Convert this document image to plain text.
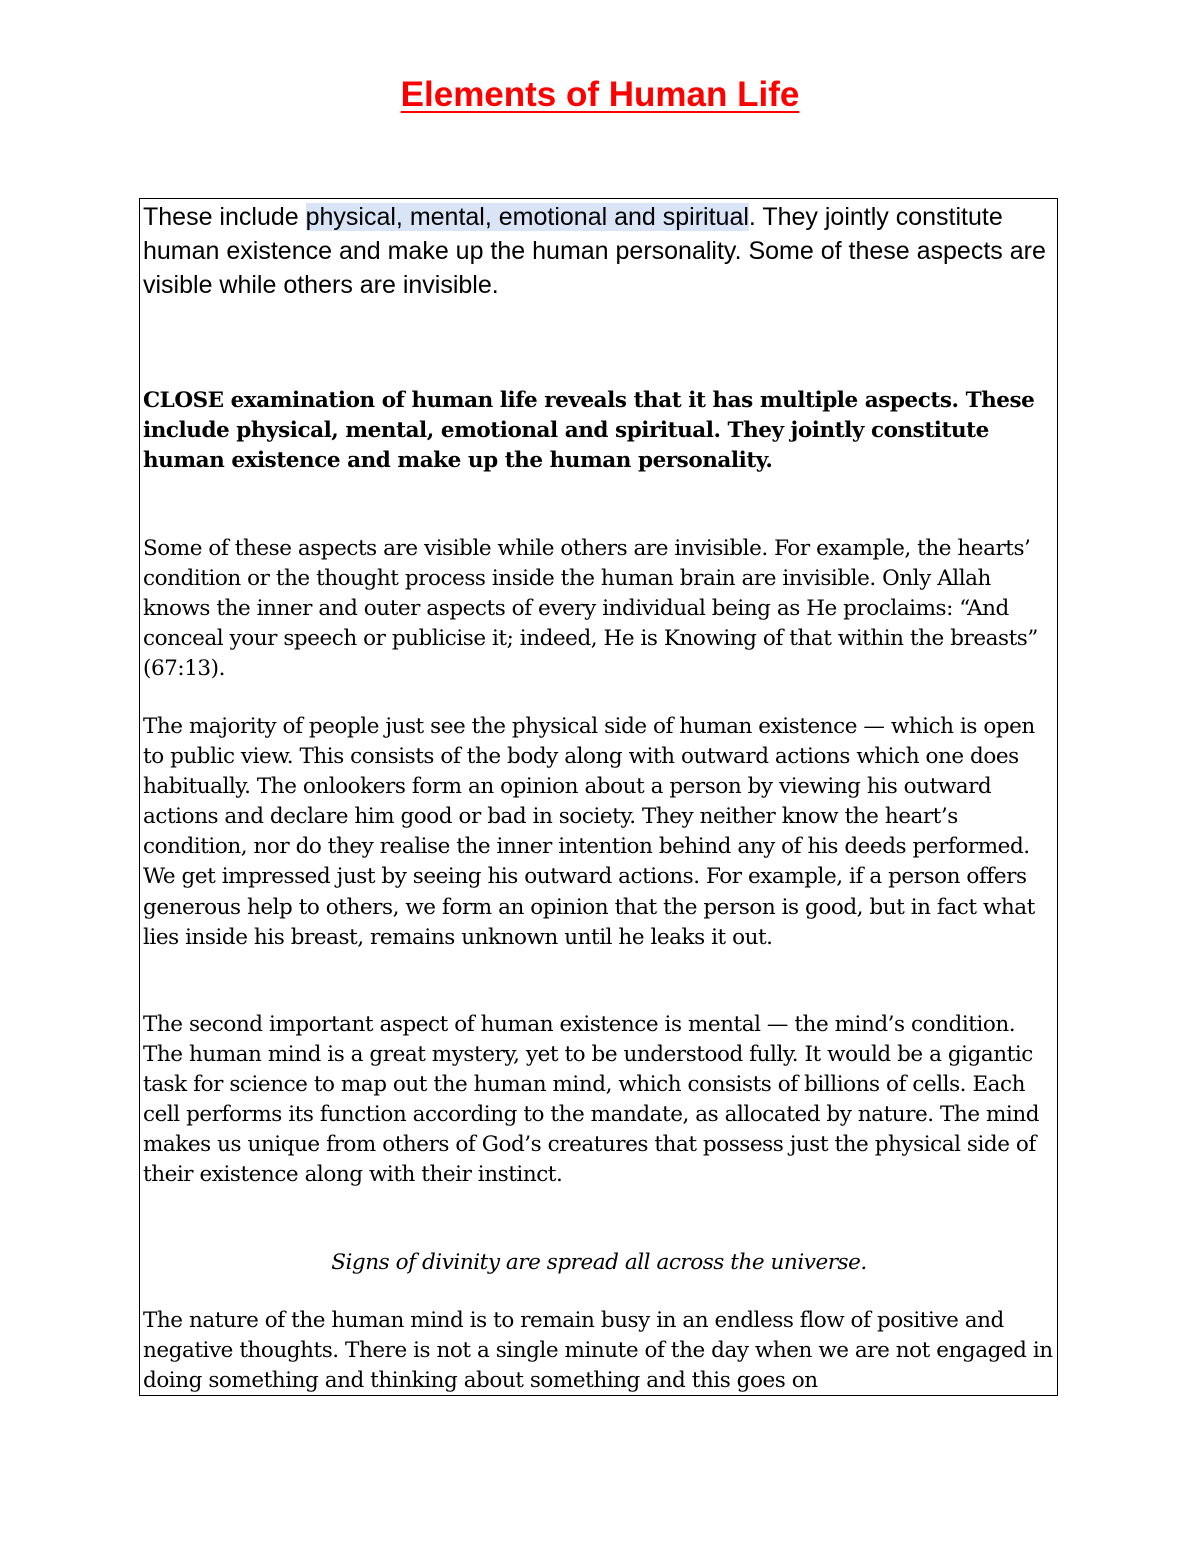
Elements of Human Life

These include physical, mental, emotional and spiritual. They jointly constitute human existence and make up the human personality. Some of these aspects are visible while others are invisible.

CLOSE examination of human life reveals that it has multiple aspects. These include physical, mental, emotional and spiritual. They jointly constitute human existence and make up the human personality.

Some of these aspects are visible while others are invisible. For example, the hearts’ condition or the thought process inside the human brain are invisible. Only Allah knows the inner and outer aspects of every individual being as He proclaims: “And conceal your speech or publicise it; indeed, He is Knowing of that within the breasts” (67:13).

The majority of people just see the physical side of human existence — which is open to public view. This consists of the body along with outward actions which one does habitually. The onlookers form an opinion about a person by viewing his outward actions and declare him good or bad in society. They neither know the heart’s condition, nor do they realise the inner intention behind any of his deeds performed. We get impressed just by seeing his outward actions. For example, if a person offers generous help to others, we form an opinion that the person is good, but in fact what lies inside his breast, remains unknown until he leaks it out.

The second important aspect of human existence is mental — the mind’s condition. The human mind is a great mystery, yet to be understood fully. It would be a gigantic task for science to map out the human mind, which consists of billions of cells. Each cell performs its function according to the mandate, as allocated by nature. The mind makes us unique from others of God’s creatures that possess just the physical side of their existence along with their instinct.

Signs of divinity are spread all across the universe.

The nature of the human mind is to remain busy in an endless flow of positive and negative thoughts. There is not a single minute of the day when we are not engaged in doing something and thinking about something and this goes on
